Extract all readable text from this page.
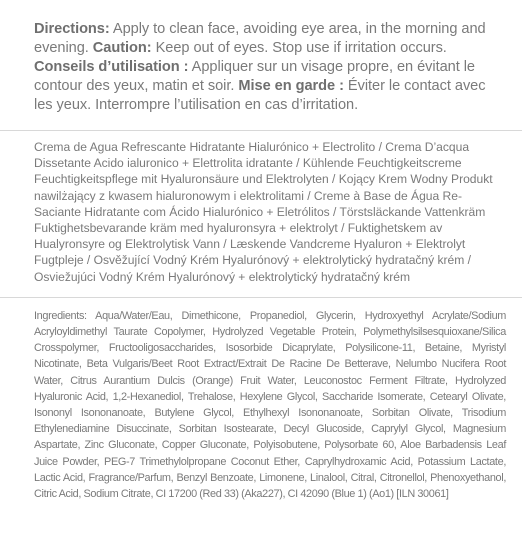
Directions: Apply to clean face, avoiding eye area, in the morning and evening. Caution: Keep out of eyes. Stop use if irritation occurs.

Conseils d’utilisation : Appliquer sur un visage propre, en évitant le contour des yeux, matin et soir. Mise en garde : Éviter le contact avec les yeux. Interrompre l’utilisation en cas d’irritation.

Crema de Agua Refrescante Hidratante Hialurónico + Electrolito / Crema D’acqua Dissetante Acido ialuronico + Elettrolita idratante / Kühlende Feuchtigkeitscreme Feuchtigkeitspflege mit Hyaluronsäure und Elektrolyten / Kojący Krem Wodny Produkt nawilżający z kwasem hialuronowym i elektrolitami / Creme à Base de Água Re-Saciante Hidratante com Ácido Hialurónico + Eletrólitos / Törstsläckande Vattenkräm Fuktighetsbevarande kräm med hyaluronsyra + elektrolyt / Fuktighetskem av Hualyronsyre og Elektrolytisk Vann / Læskende Vandcreme Hyaluron + Elektrolyt Fugtpleje / Osvěžující Vodný Krém Hyalurónový + elektrolytický hydratačný krém / Osviežujúci Vodný Krém Hyalurónový + elektrolytický hydratačný krém

Ingredients: Aqua/Water/Eau, Dimethicone, Propanediol, Glycerin, Hydroxyethyl Acrylate/Sodium Acryloyldimethyl Taurate Copolymer, Hydrolyzed Vegetable Protein, Polymethylsilsesquioxane/Silica Crosspolymer, Fructooligosaccharides, Isosorbide Dicaprylate, Polysilicone-11, Betaine, Myristyl Nicotinate, Beta Vulgaris/Beet Root Extract/Extrait De Racine De Betterave, Nelumbo Nucifera Root Water, Citrus Aurantium Dulcis (Orange) Fruit Water, Leuconostoc Ferment Filtrate, Hydrolyzed Hyaluronic Acid, 1,2-Hexanediol, Trehalose, Hexylene Glycol, Saccharide Isomerate, Cetearyl Olivate, Isononyl Isononanoate, Butylene Glycol, Ethylhexyl Isononanoate, Sorbitan Olivate, Trisodium Ethylenediamine Disuccinate, Sorbitan Isostearate, Decyl Glucoside, Caprylyl Glycol, Magnesium Aspartate, Zinc Gluconate, Copper Gluconate, Polyisobutene, Polysorbate 60, Aloe Barbadensis Leaf Juice Powder, PEG-7 Trimethylolpropane Coconut Ether, Caprylhydroxamic Acid, Potassium Lactate, Lactic Acid, Fragrance/Parfum, Benzyl Benzoate, Limonene, Linalool, Citral, Citronellol, Phenoxyethanol, Citric Acid, Sodium Citrate, CI 17200 (Red 33) (Aka227), CI 42090 (Blue 1) (Ao1) [ILN 30061]
